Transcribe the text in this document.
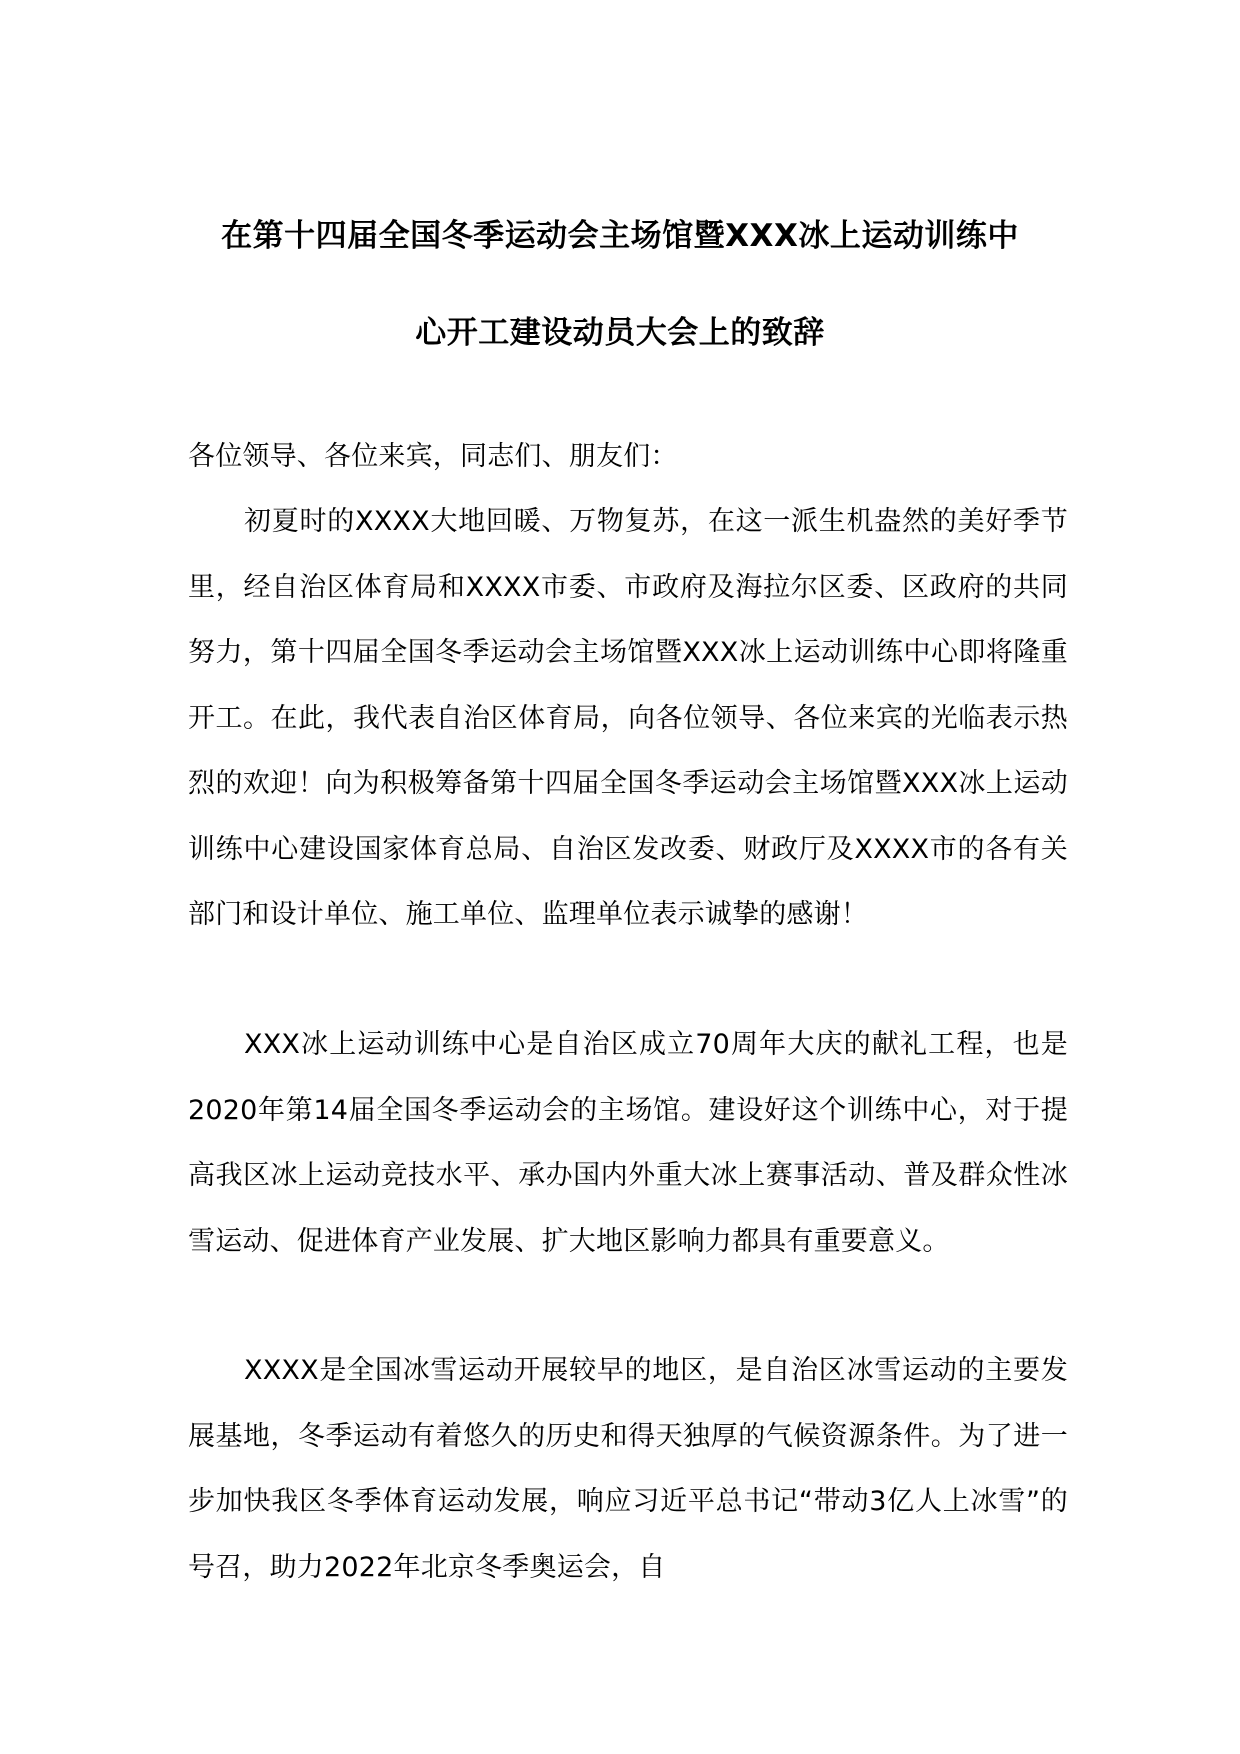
在第十四届全国冬季运动会主场馆暨XXX冰上运动训练中
心开工建设动员大会上的致辞
各位领导、各位来宾，同志们、朋友们：

初夏时的XXXX大地回暖、万物复苏，在这一派生机盎然的美好季节里，经自治区体育局和XXXX市委、市政府及海拉尔区委、区政府的共同努力，第十四届全国冬季运动会主场馆暨XXX冰上运动训练中心即将隆重开工。在此，我代表自治区体育局，向各位领导、各位来宾的光临表示热烈的欢迎！向为积极筹备第十四届全国冬季运动会主场馆暨XXX冰上运动训练中心建设国家体育总局、自治区发改委、财政厅及XXXX市的各有关部门和设计单位、施工单位、监理单位表示诚挚的感谢！

XXX冰上运动训练中心是自治区成立70周年大庆的献礼工程，也是2020年第14届全国冬季运动会的主场馆。建设好这个训练中心，对于提高我区冰上运动竞技水平、承办国内外重大冰上赛事活动、普及群众性冰雪运动、促进体育产业发展、扩大地区影响力都具有重要意义。

XXXX是全国冰雪运动开展较早的地区，是自治区冰雪运动的主要发展基地，冬季运动有着悠久的历史和得天独厚的气候资源条件。为了进一步加快我区冬季体育运动发展，响应习近平总书记“带动3亿人上冰雪”的号召，助力2022年北京冬季奥运会，自
